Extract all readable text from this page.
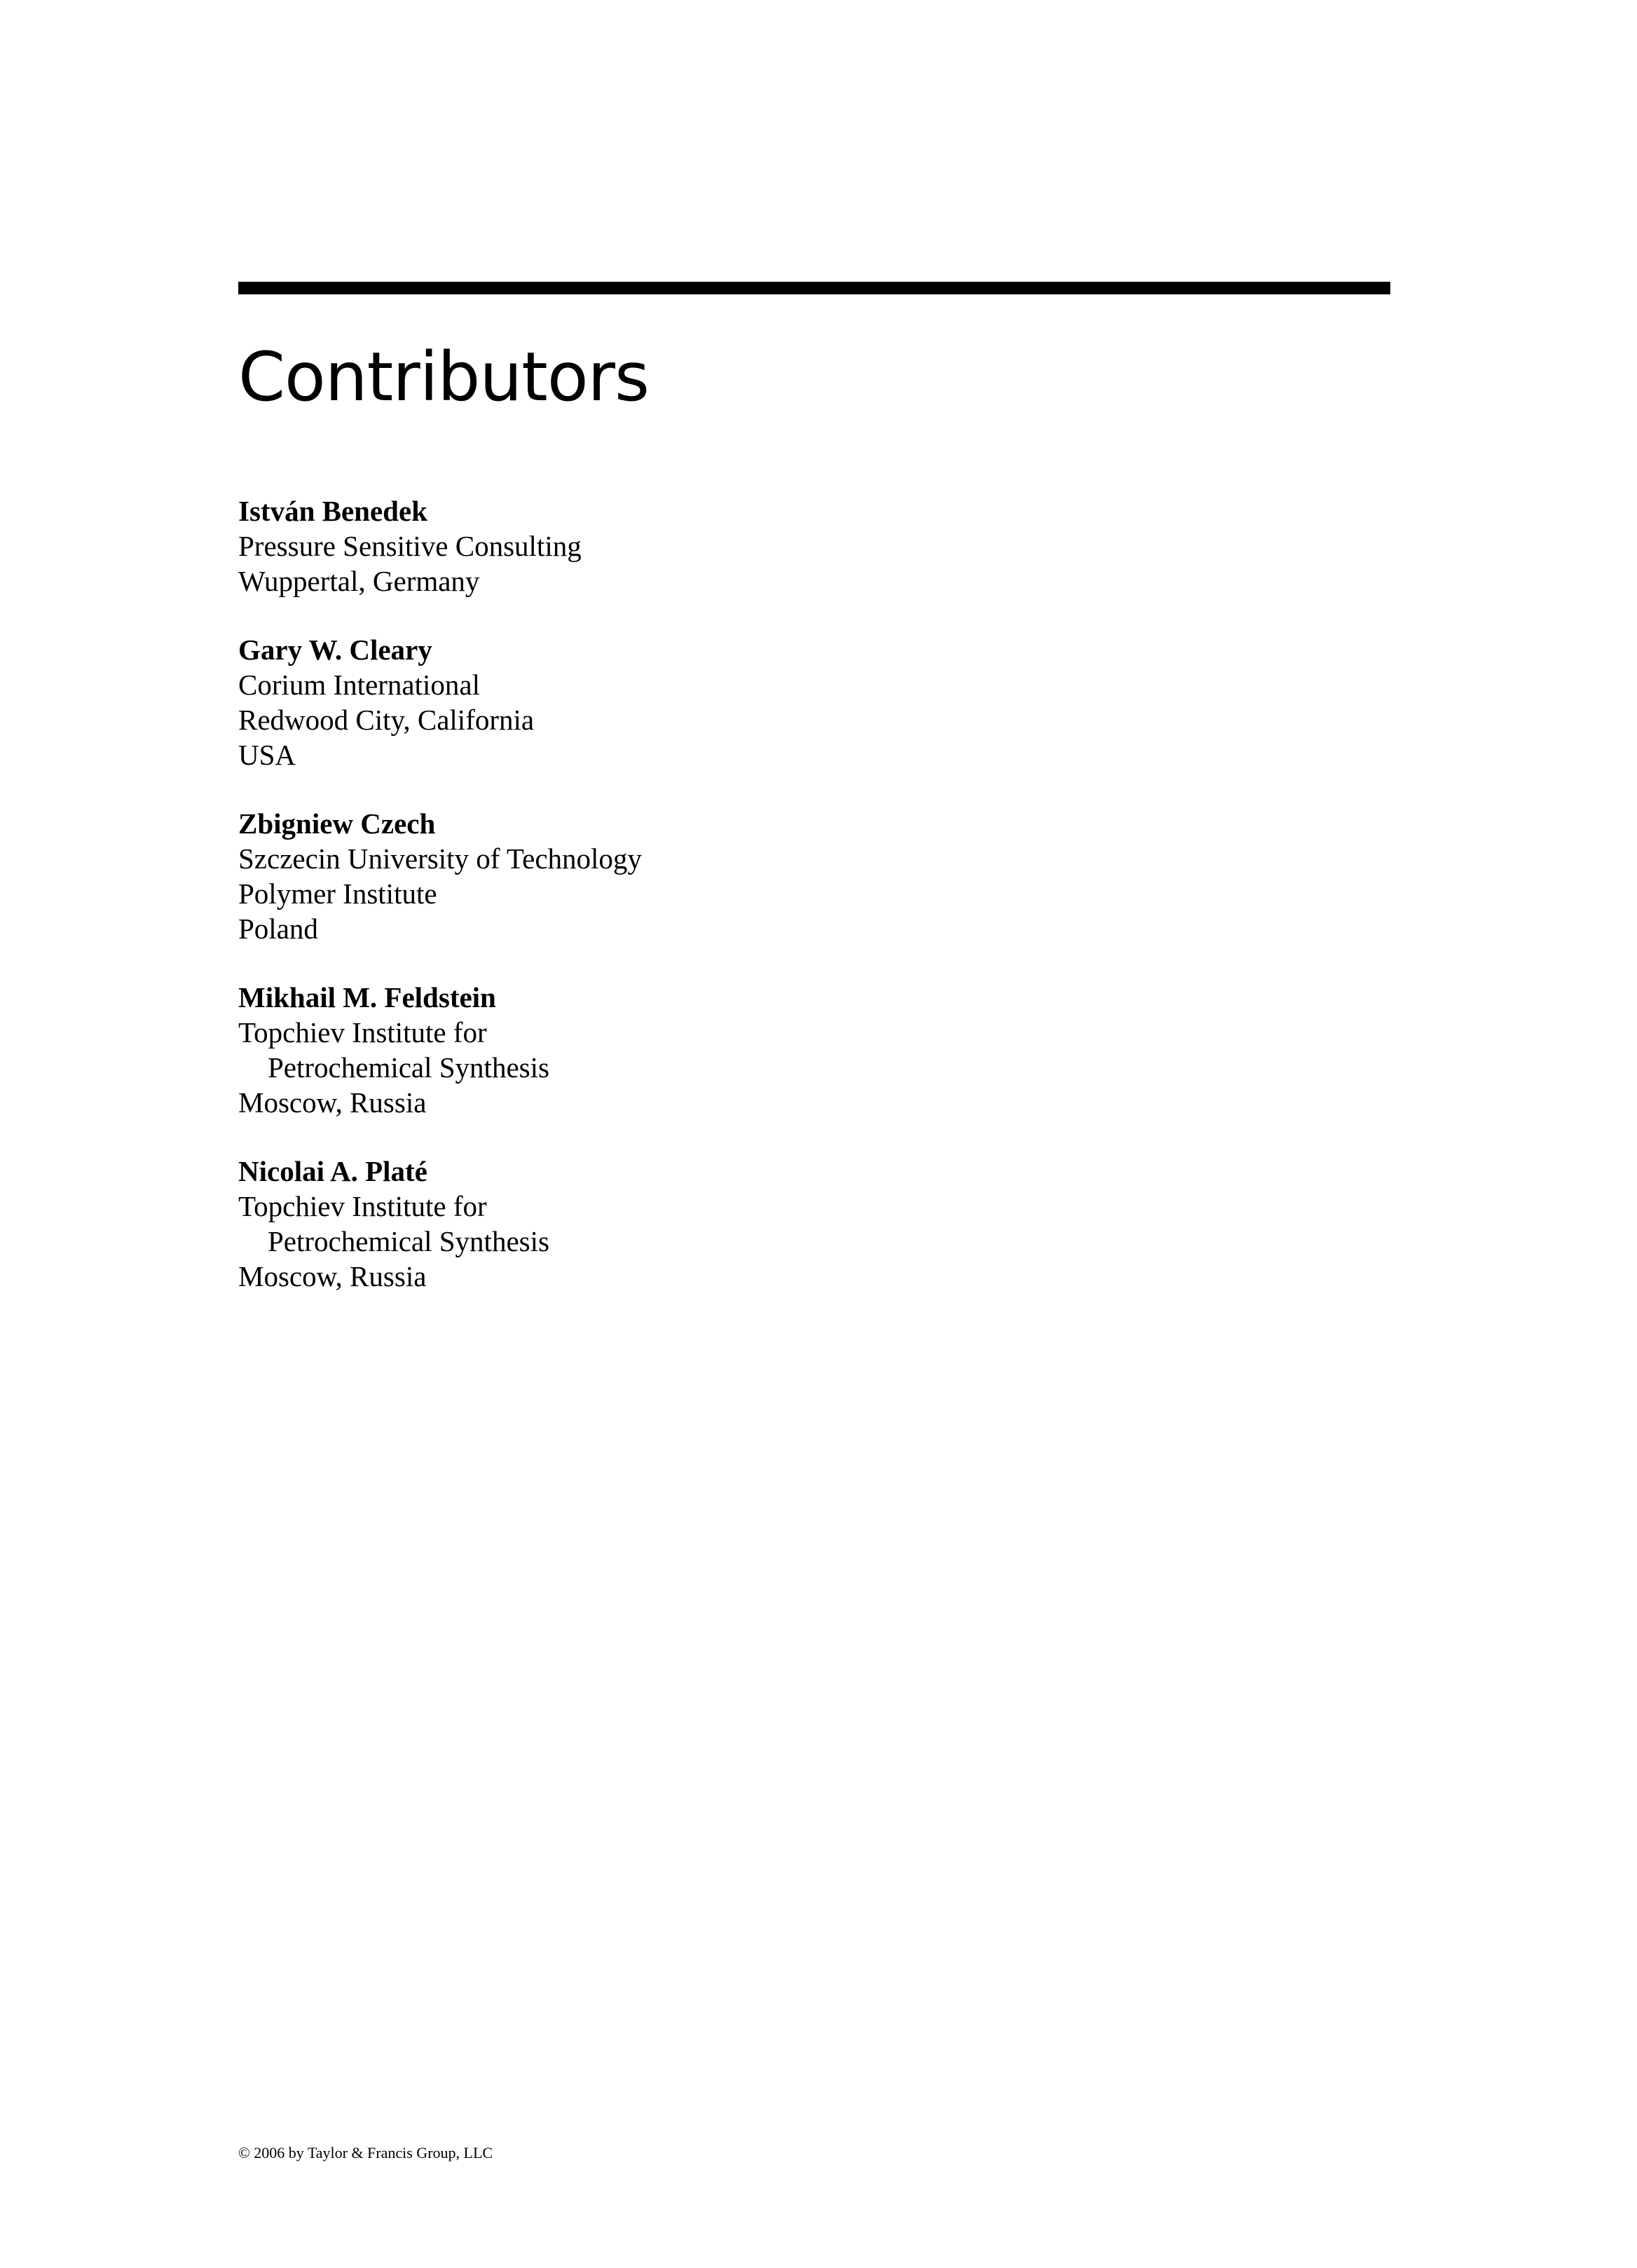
Contributors
István Benedek
Pressure Sensitive Consulting
Wuppertal, Germany
Gary W. Cleary
Corium International
Redwood City, California
USA
Zbigniew Czech
Szczecin University of Technology
Polymer Institute
Poland
Mikhail M. Feldstein
Topchiev Institute for
Petrochemical Synthesis
Moscow, Russia
Nicolai A. Platé
Topchiev Institute for
Petrochemical Synthesis
Moscow, Russia
© 2006 by Taylor & Francis Group, LLC
